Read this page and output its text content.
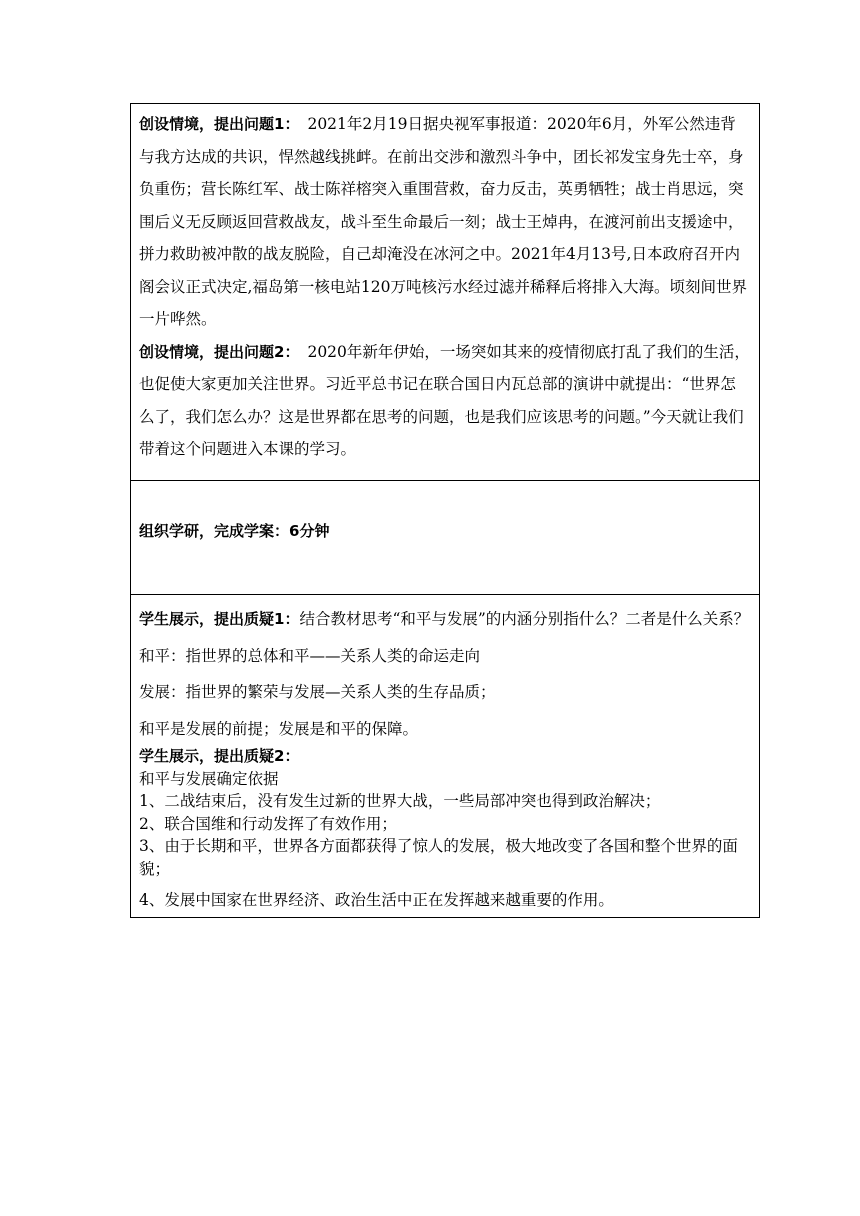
创设情境，提出问题1：　2021年2月19日据央视军事报道：2020年6月，外军公然违背与我方达成的共识，悍然越线挑衅。在前出交涉和激烈斗争中，团长祁发宝身先士卒，身负重伤；营长陈红军、战士陈祥榕突入重围营救，奋力反击，英勇牺牲；战士肖思远，突围后义无反顾返回营救战友，战斗至生命最后一刻；战士王焯冉，在渡河前出支援途中，拼力救助被冲散的战友脱险，自己却淹没在冰河之中。2021年4月13号,日本政府召开内阁会议正式决定,福岛第一核电站120万吨核污水经过滤并稀释后将排入大海。顷刻间世界一片哗然。

创设情境，提出问题2：　2020年新年伊始，一场突如其来的疫情彻底打乱了我们的生活，也促使大家更加关注世界。习近平总书记在联合国日内瓦总部的演讲中就提出：“世界怎么了，我们怎么办？这是世界都在思考的问题，也是我们应该思考的问题。”今天就让我们带着这个问题进入本课的学习。

组织学研，完成学案：6分钟

学生展示，提出质疑1：结合教材思考“和平与发展”的内涵分别指什么？二者是什么关系？

和平：指世界的总体和平——关系人类的命运走向

发展：指世界的繁荣与发展—关系人类的生存品质；

和平是发展的前提；发展是和平的保障。

学生展示，提出质疑2：

和平与发展确定依据

1、二战结束后，没有发生过新的世界大战，一些局部冲突也得到政治解决；

2、联合国维和行动发挥了有效作用；

3、由于长期和平，世界各方面都获得了惊人的发展，极大地改变了各国和整个世界的面貌；

4、发展中国家在世界经济、政治生活中正在发挥越来越重要的作用。
